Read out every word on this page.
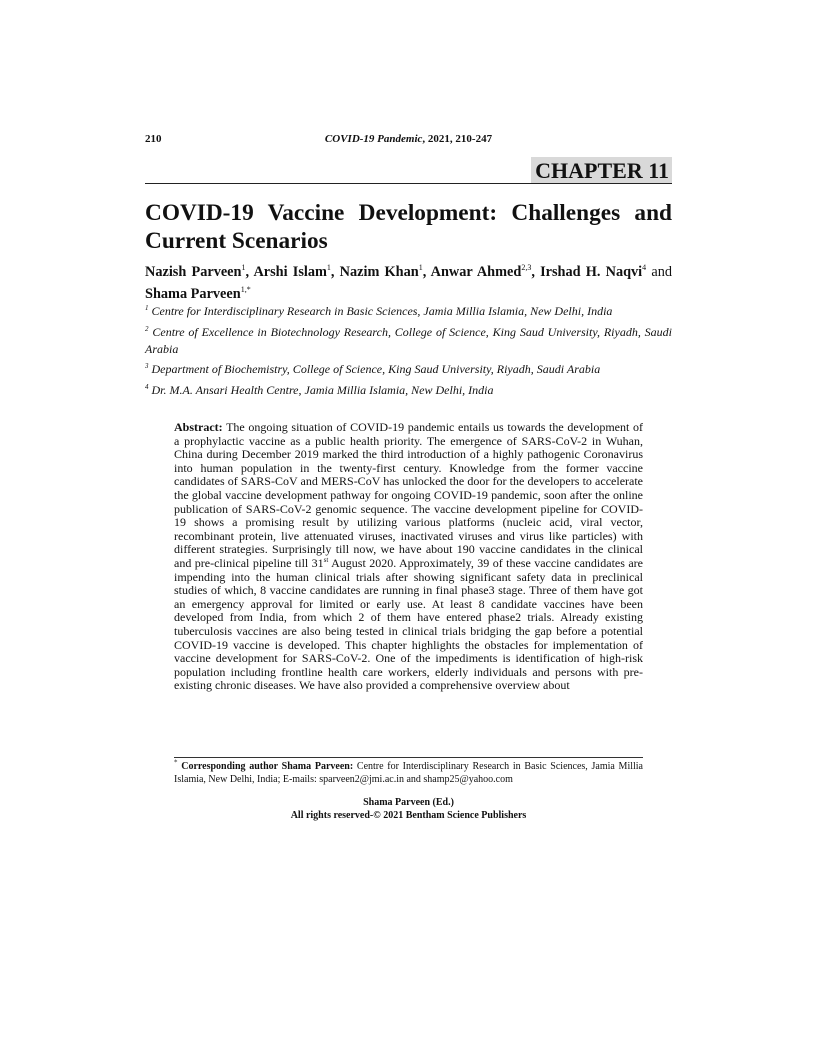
210	COVID-19 Pandemic, 2021, 210-247
CHAPTER 11
COVID-19 Vaccine Development: Challenges and Current Scenarios
Nazish Parveen$^1$, Arshi Islam$^1$, Nazim Khan$^1$, Anwar Ahmed$^{2,3}$, Irshad H. Naqvi$^4$ and Shama Parveen$^{1,*}$

$^1$ Centre for Interdisciplinary Research in Basic Sciences, Jamia Millia Islamia, New Delhi, India

$^2$ Centre of Excellence in Biotechnology Research, College of Science, King Saud University, Riyadh, Saudi Arabia

$^3$ Department of Biochemistry, College of Science, King Saud University, Riyadh, Saudi Arabia

$^4$ Dr. M.A. Ansari Health Centre, Jamia Millia Islamia, New Delhi, India

Abstract: The ongoing situation of COVID-19 pandemic entails us towards the development of a prophylactic vaccine as a public health priority. The emergence of SARS-CoV-2 in Wuhan, China during December 2019 marked the third introduction of a highly pathogenic Coronavirus into human population in the twenty-first century. Knowledge from the former vaccine candidates of SARS-CoV and MERS-CoV has unlocked the door for the developers to accelerate the global vaccine development pathway for ongoing COVID-19 pandemic, soon after the online publication of SARS-CoV-2 genomic sequence. The vaccine development pipeline for COVID-19 shows a promising result by utilizing various platforms (nucleic acid, viral vector, recombinant protein, live attenuated viruses, inactivated viruses and virus like particles) with different strategies. Surprisingly till now, we have about 190 vaccine candidates in the clinical and pre-clinical pipeline till 31st August 2020. Approximately, 39 of these vaccine candidates are impending into the human clinical trials after showing significant safety data in preclinical studies of which, 8 vaccine candidates are running in final phase3 stage. Three of them have got an emergency approval for limited or early use. At least 8 candidate vaccines have been developed from India, from which 2 of them have entered phase2 trials. Already existing tuberculosis vaccines are also being tested in clinical trials bridging the gap before a potential COVID-19 vaccine is developed. This chapter highlights the obstacles for implementation of vaccine development for SARS-CoV-2. One of the impediments is identification of high-risk population including frontline health care workers, elderly individuals and persons with pre-existing chronic diseases. We have also provided a comprehensive overview about

* Corresponding author Shama Parveen: Centre for Interdisciplinary Research in Basic Sciences, Jamia Millia Islamia, New Delhi, India; E-mails: sparveen2@jmi.ac.in and shamp25@yahoo.com
Shama Parveen (Ed.)
All rights reserved-© 2021 Bentham Science Publishers
